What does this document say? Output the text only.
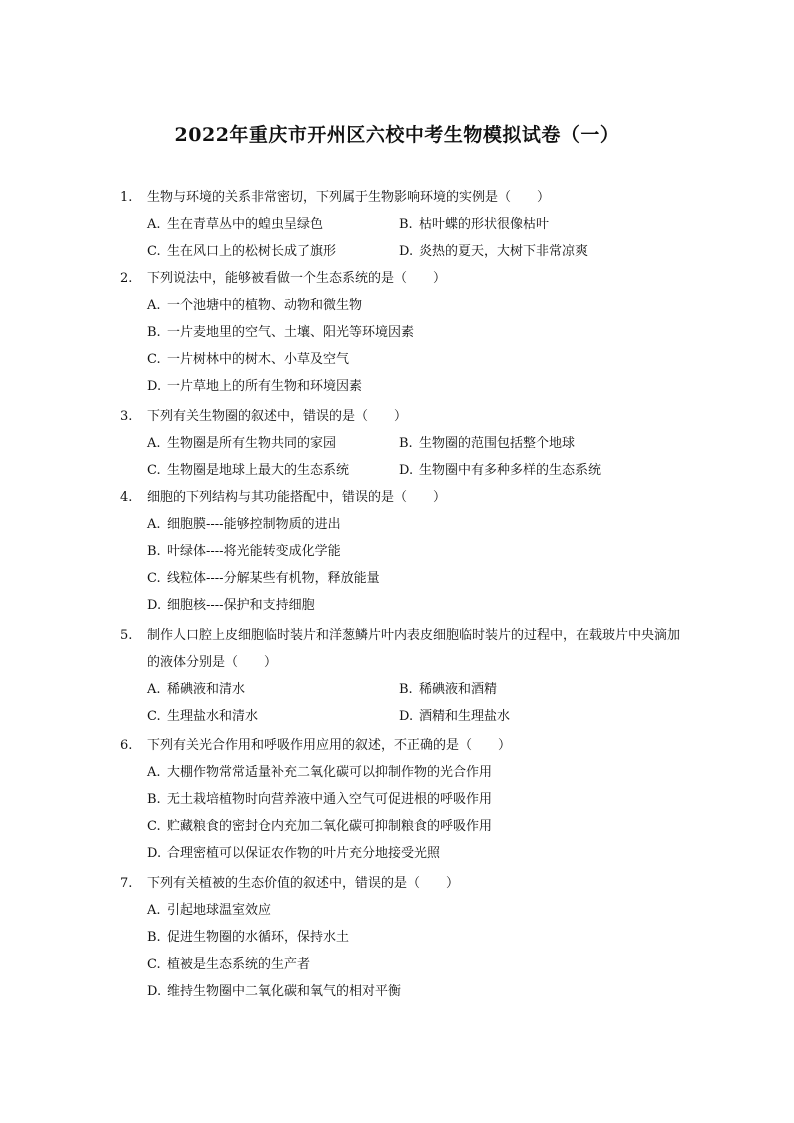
2022年重庆市开州区六校中考生物模拟试卷（一）
1.	生物与环境的关系非常密切，下列属于生物影响环境的实例是（　　）
A. 生在青草丛中的蝗虫呈绿色	B. 枯叶蝶的形状很像枯叶
C. 生在风口上的松树长成了旗形	D. 炎热的夏天，大树下非常凉爽
2.	下列说法中，能够被看做一个生态系统的是（　　）
A. 一个池塘中的植物、动物和微生物
B. 一片麦地里的空气、土壤、阳光等环境因素
C. 一片树林中的树木、小草及空气
D. 一片草地上的所有生物和环境因素
3.	下列有关生物圈的叙述中，错误的是（　　）
A. 生物圈是所有生物共同的家园	B. 生物圈的范围包括整个地球
C. 生物圈是地球上最大的生态系统	D. 生物圈中有多种多样的生态系统
4.	细胞的下列结构与其功能搭配中，错误的是（　　）
A. 细胞膜----能够控制物质的进出
B. 叶绿体----将光能转变成化学能
C. 线粒体----分解某些有机物，释放能量
D. 细胞核----保护和支持细胞
5.	制作人口腔上皮细胞临时装片和洋葱鳞片叶内表皮细胞临时装片的过程中，在载玻片中央滴加的液体分别是（　　）
A. 稀碘液和清水	B. 稀碘液和酒精
C. 生理盐水和清水	D. 酒精和生理盐水
6.	下列有关光合作用和呼吸作用应用的叙述，不正确的是（　　）
A. 大棚作物常常适量补充二氧化碳可以抑制作物的光合作用
B. 无土栽培植物时向营养液中通入空气可促进根的呼吸作用
C. 贮藏粮食的密封仓内充加二氧化碳可抑制粮食的呼吸作用
D. 合理密植可以保证农作物的叶片充分地接受光照
7.	下列有关植被的生态价值的叙述中，错误的是（　　）
A. 引起地球温室效应
B. 促进生物圈的水循环，保持水土
C. 植被是生态系统的生产者
D. 维持生物圈中二氧化碳和氧气的相对平衡
